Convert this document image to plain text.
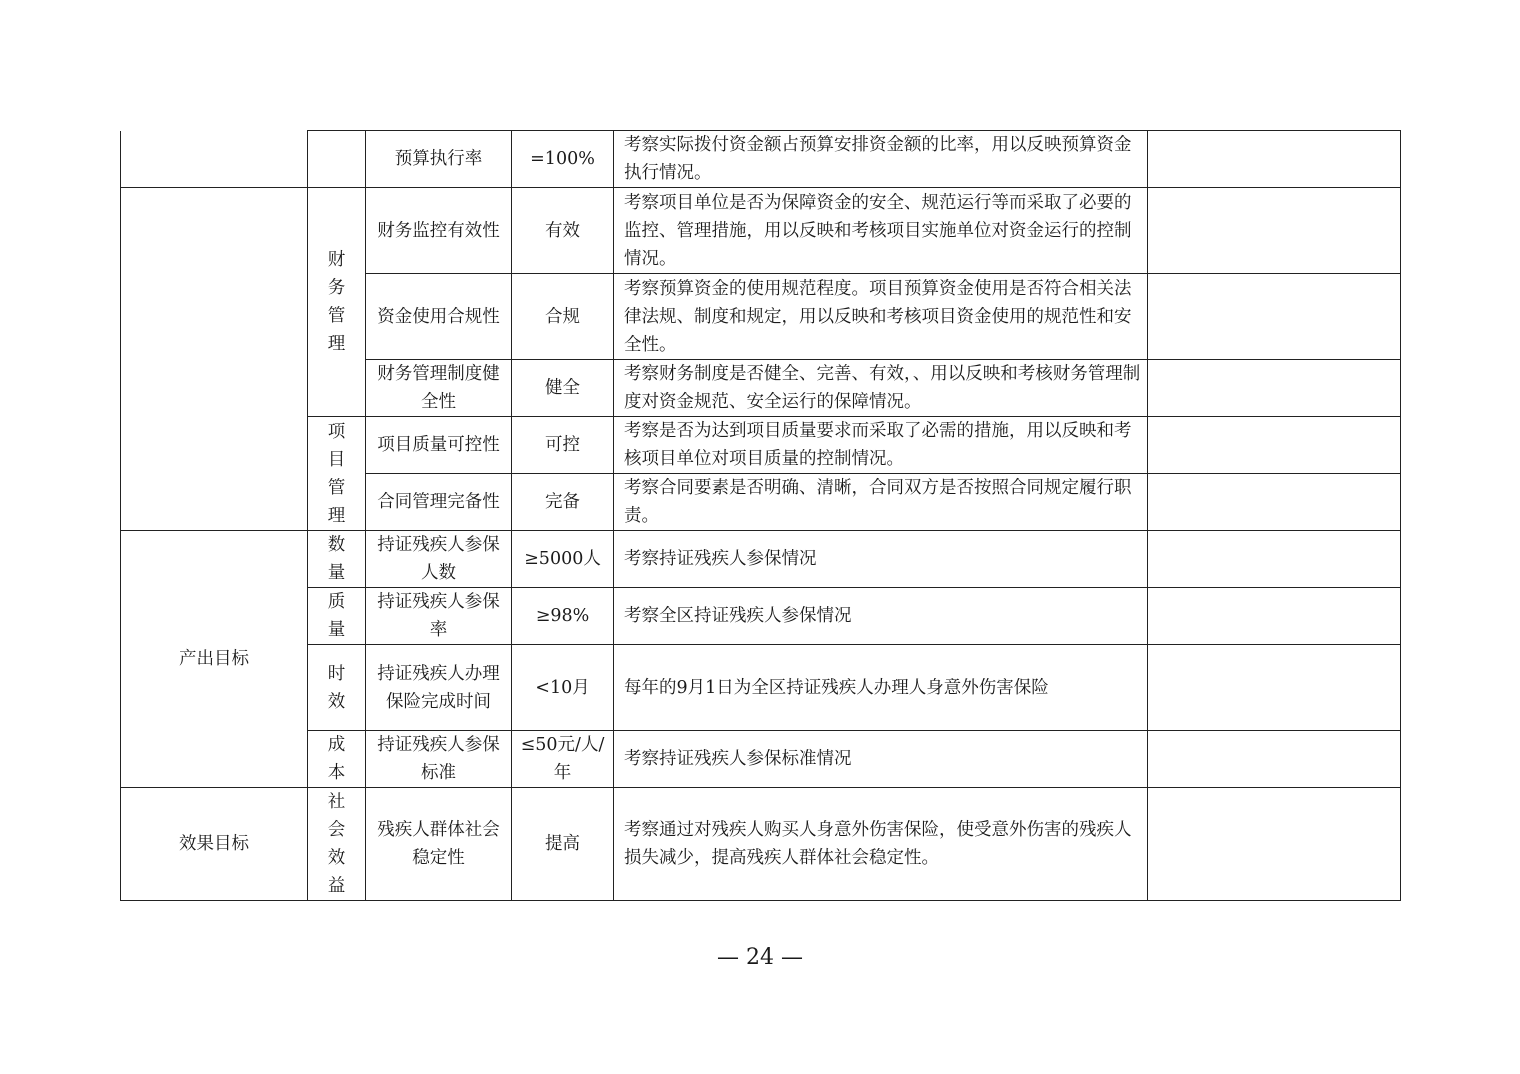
		预算执行率	=100%	考察实际拨付资金额占预算安排资金额的比率，用以反映预算资金执行情况。	
	财务管理	财务监控有效性	有效	考察项目单位是否为保障资金的安全、规范运行等而采取了必要的监控、管理措施，用以反映和考核项目实施单位对资金运行的控制情况。	
		资金使用合规性	合规	考察预算资金的使用规范程度。项目预算资金使用是否符合相关法律法规、制度和规定，用以反映和考核项目资金使用的规范性和安全性。	
		财务管理制度健全性	健全	考察财务制度是否健全、完善、有效，、用以反映和考核财务管理制度对资金规范、安全运行的保障情况。	
	项目管理	项目质量可控性	可控	考察是否为达到项目质量要求而采取了必需的措施，用以反映和考核项目单位对项目质量的控制情况。	
		合同管理完备性	完备	考察合同要素是否明确、清晰，合同双方是否按照合同规定履行职责。	
产出目标	数量	持证残疾人参保人数	≥5000人	考察持证残疾人参保情况	
	质量	持证残疾人参保率	≥98%	考察全区持证残疾人参保情况	
	时效	持证残疾人办理保险完成时间	<10月	每年的9月1日为全区持证残疾人办理人身意外伤害保险	
	成本	持证残疾人参保标准	≤50元/人/年	考察持证残疾人参保标准情况	
效果目标	社会效益	残疾人群体社会稳定性	提高	考察通过对残疾人购买人身意外伤害保险，使受意外伤害的残疾人损失减少，提高残疾人群体社会稳定性。	
— 24 —
